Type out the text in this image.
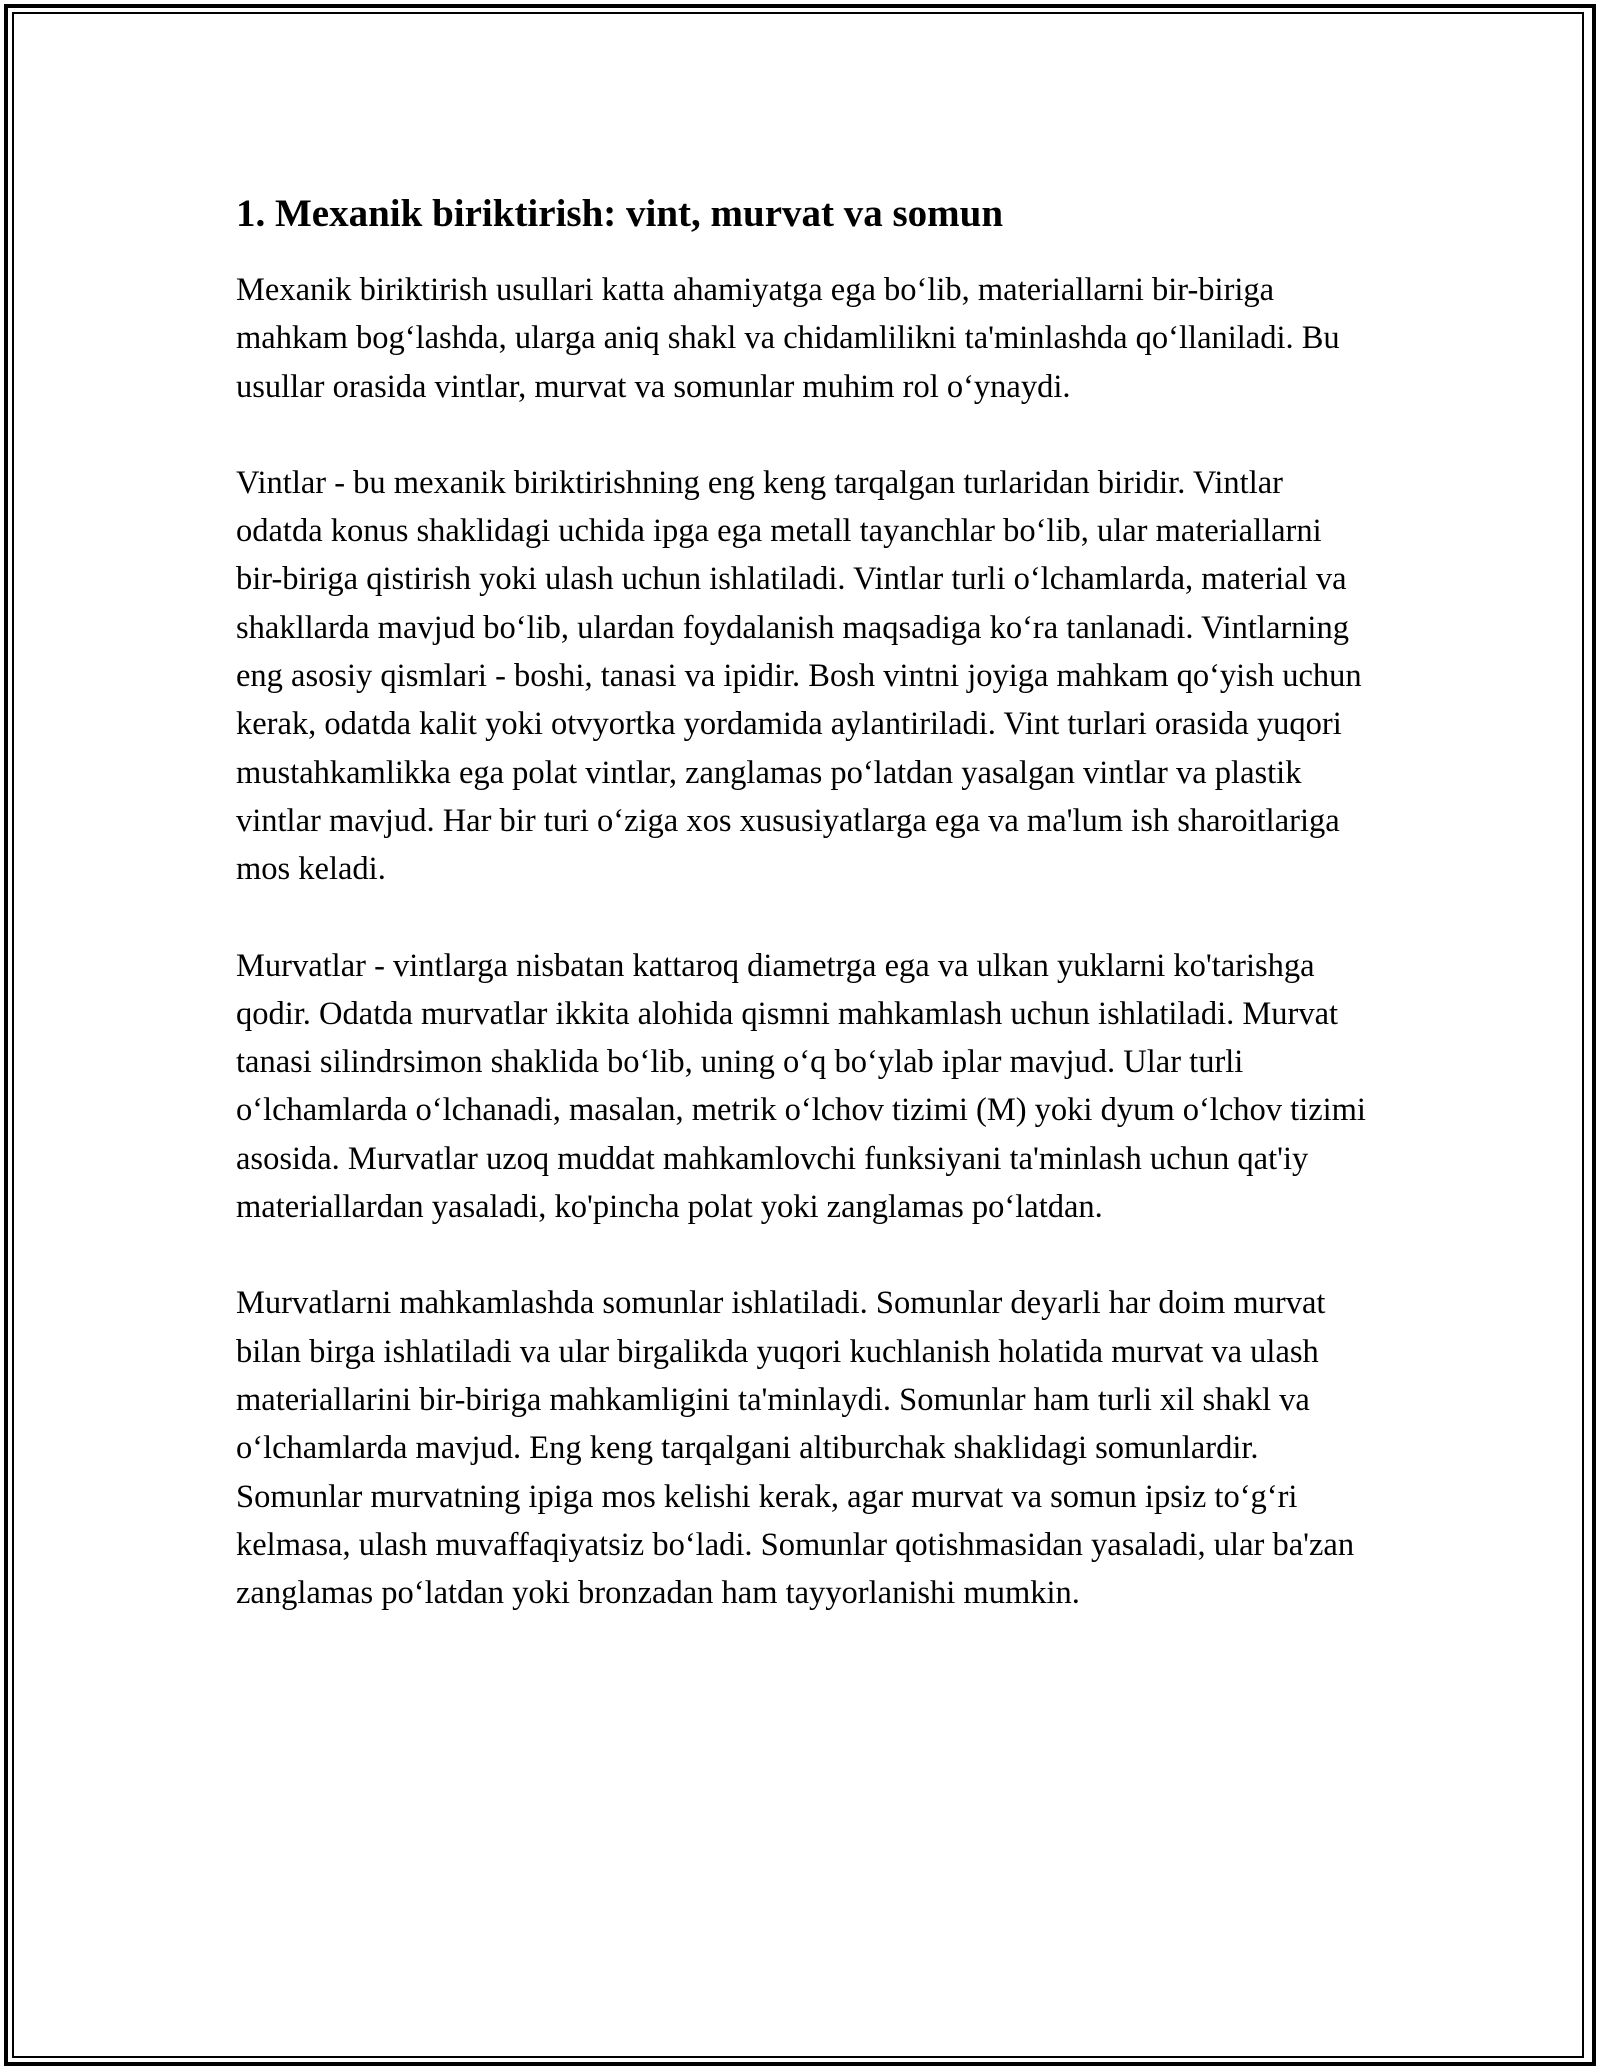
1. Mexanik biriktirish: vint, murvat va somun

Mexanik biriktirish usullari katta ahamiyatga ega bo‘lib, materiallarni bir-biriga mahkam bog‘lashda, ularga aniq shakl va chidamlilikni ta'minlashda qo‘llaniladi. Bu usullar orasida vintlar, murvat va somunlar muhim rol o‘ynaydi.

Vintlar - bu mexanik biriktirishning eng keng tarqalgan turlaridan biridir. Vintlar odatda konus shaklidagi uchida ipga ega metall tayanchlar bo‘lib, ular materiallarni bir-biriga qistirish yoki ulash uchun ishlatiladi. Vintlar turli o‘lchamlarda, material va shakllarda mavjud bo‘lib, ulardan foydalanish maqsadiga ko‘ra tanlanadi. Vintlarning eng asosiy qismlari - boshi, tanasi va ipidir. Bosh vintni joyiga mahkam qo‘yish uchun kerak, odatda kalit yoki otvyortka yordamida aylantiriladi. Vint turlari orasida yuqori mustahkamlikka ega polat vintlar, zanglamas po‘latdan yasalgan vintlar va plastik vintlar mavjud. Har bir turi o‘ziga xos xususiyatlarga ega va ma'lum ish sharoitlariga mos keladi.

Murvatlar - vintlarga nisbatan kattaroq diametrga ega va ulkan yuklarni ko'tarishga qodir. Odatda murvatlar ikkita alohida qismni mahkamlash uchun ishlatiladi. Murvat tanasi silindrsimon shaklida bo‘lib, uning o‘q bo‘ylab iplar mavjud. Ular turli o‘lchamlarda o‘lchanadi, masalan, metrik o‘lchov tizimi (M) yoki dyum o‘lchov tizimi asosida. Murvatlar uzoq muddat mahkamlovchi funksiyani ta'minlash uchun qat'iy materiallardan yasaladi, ko'pincha polat yoki zanglamas po‘latdan.

Murvatlarni mahkamlashda somunlar ishlatiladi. Somunlar deyarli har doim murvat bilan birga ishlatiladi va ular birgalikda yuqori kuchlanish holatida murvat va ulash materiallarini bir-biriga mahkamligini ta'minlaydi. Somunlar ham turli xil shakl va o‘lchamlarda mavjud. Eng keng tarqalgani altiburchak shaklidagi somunlardir. Somunlar murvatning ipiga mos kelishi kerak, agar murvat va somun ipsiz to‘g‘ri kelmasa, ulash muvaffaqiyatsiz bo‘ladi. Somunlar qotishmasidan yasaladi, ular ba'zan zanglamas po‘latdan yoki bronzadan ham tayyorlanishi mumkin.
